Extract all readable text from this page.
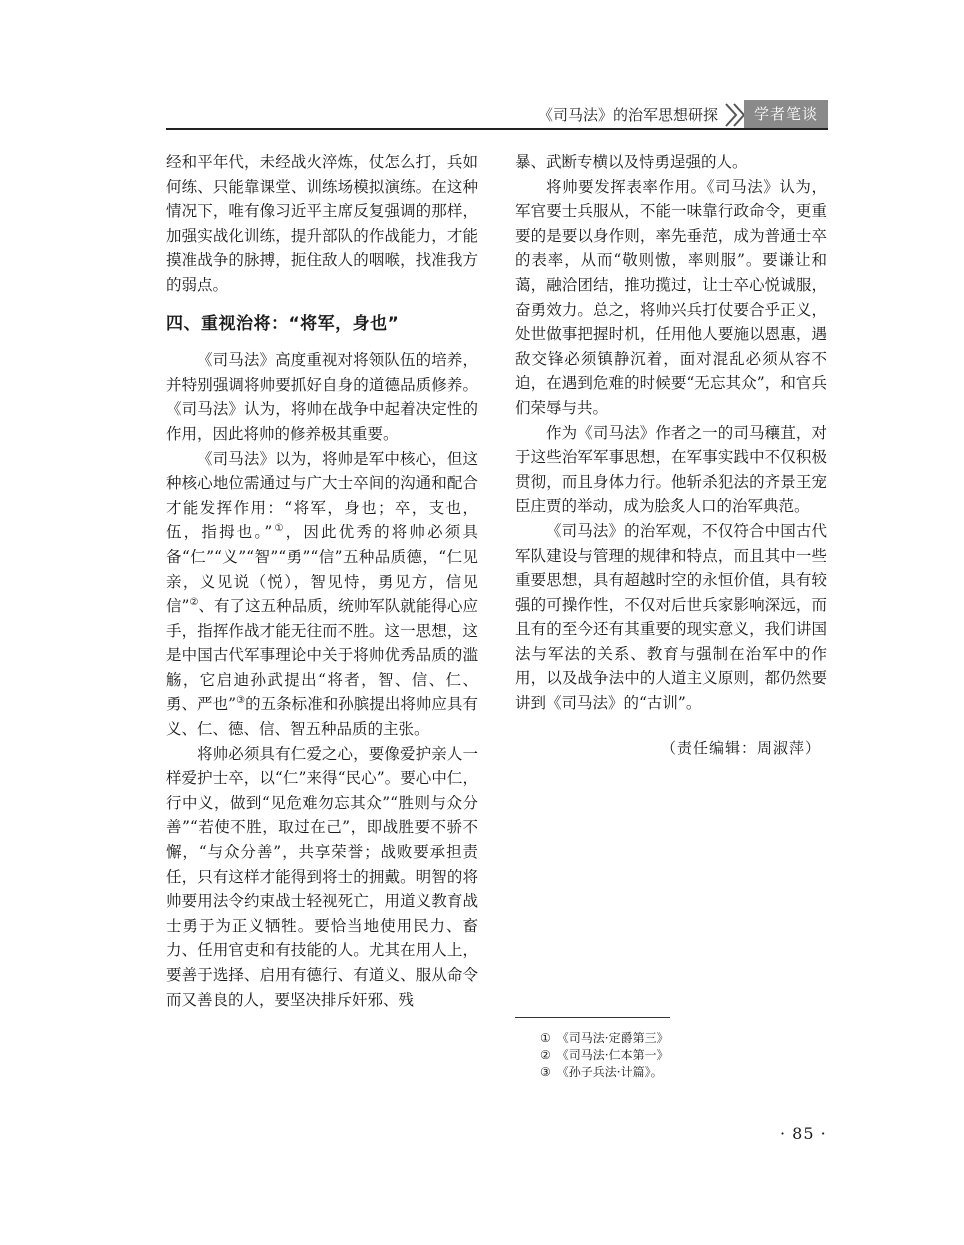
《司马法》的治军思想研探	学者笔谈

经和平年代，未经战火淬炼，仗怎么打，兵如何练、只能靠课堂、训练场模拟演练。在这种情况下，唯有像习近平主席反复强调的那样，加强实战化训练，提升部队的作战能力，才能摸准战争的脉搏，扼住敌人的咽喉，找准我方的弱点。

四、重视治将：“将军，身也”

《司马法》高度重视对将领队伍的培养，并特别强调将帅要抓好自身的道德品质修养。《司马法》认为，将帅在战争中起着决定性的作用，因此将帅的修养极其重要。

《司马法》以为，将帅是军中核心，但这种核心地位需通过与广大士卒间的沟通和配合才能发挥作用：“将军，身也；卒，支也，伍，指拇也。”①，因此优秀的将帅必须具备“仁”“义”“智”“勇”“信”五种品质德，“仁见亲，义见说（悦），智见恃，勇见方，信见信”②、有了这五种品质，统帅军队就能得心应手，指挥作战才能无往而不胜。这一思想，这是中国古代军事理论中关于将帅优秀品质的滥觞，它启迪孙武提出“将者，智、信、仁、勇、严也”③的五条标准和孙膑提出将帅应具有义、仁、德、信、智五种品质的主张。

将帅必须具有仁爱之心，要像爱护亲人一样爱护士卒，以“仁”来得“民心”。要心中仁，行中义，做到“见危难勿忘其众”“胜则与众分善”“若使不胜，取过在己”，即战胜要不骄不懈，“与众分善”，共享荣誉；战败要承担责任，只有这样才能得到将士的拥戴。明智的将帅要用法令约束战士轻视死亡，用道义教育战士勇于为正义牺牲。要恰当地使用民力、畜力、任用官吏和有技能的人。尤其在用人上，要善于选择、启用有德行、有道义、服从命令而又善良的人，要坚决排斥奸邪、残

暴、武断专横以及恃勇逞强的人。

将帅要发挥表率作用。《司马法》认为，军官要士兵服从，不能一味靠行政命令，更重要的是要以身作则，率先垂范，成为普通士卒的表率，从而“敬则慠，率则服”。要谦让和蔼，融洽团结，推功揽过，让士卒心悦诚服，奋勇效力。总之，将帅兴兵打仗要合乎正义，处世做事把握时机，任用他人要施以恩惠，遇敌交锋必须镇静沉着，面对混乱必须从容不迫，在遇到危难的时候要“无忘其众”，和官兵们荣辱与共。

作为《司马法》作者之一的司马穰苴，对于这些治军军事思想，在军事实践中不仅积极贯彻，而且身体力行。他斩杀犯法的齐景王宠臣庄贾的举动，成为脍炙人口的治军典范。

《司马法》的治军观，不仅符合中国古代军队建设与管理的规律和特点，而且其中一些重要思想，具有超越时空的永恒价值，具有较强的可操作性，不仅对后世兵家影响深远，而且有的至今还有其重要的现实意义，我们讲国法与军法的关系、教育与强制在治军中的作用，以及战争法中的人道主义原则，都仍然要讲到《司马法》的“古训”。

（责任编辑：周淑萍）

① 《司马法·定爵第三》
② 《司马法·仁本第一》
③ 《孙子兵法·计篇》。
· 85 ·
